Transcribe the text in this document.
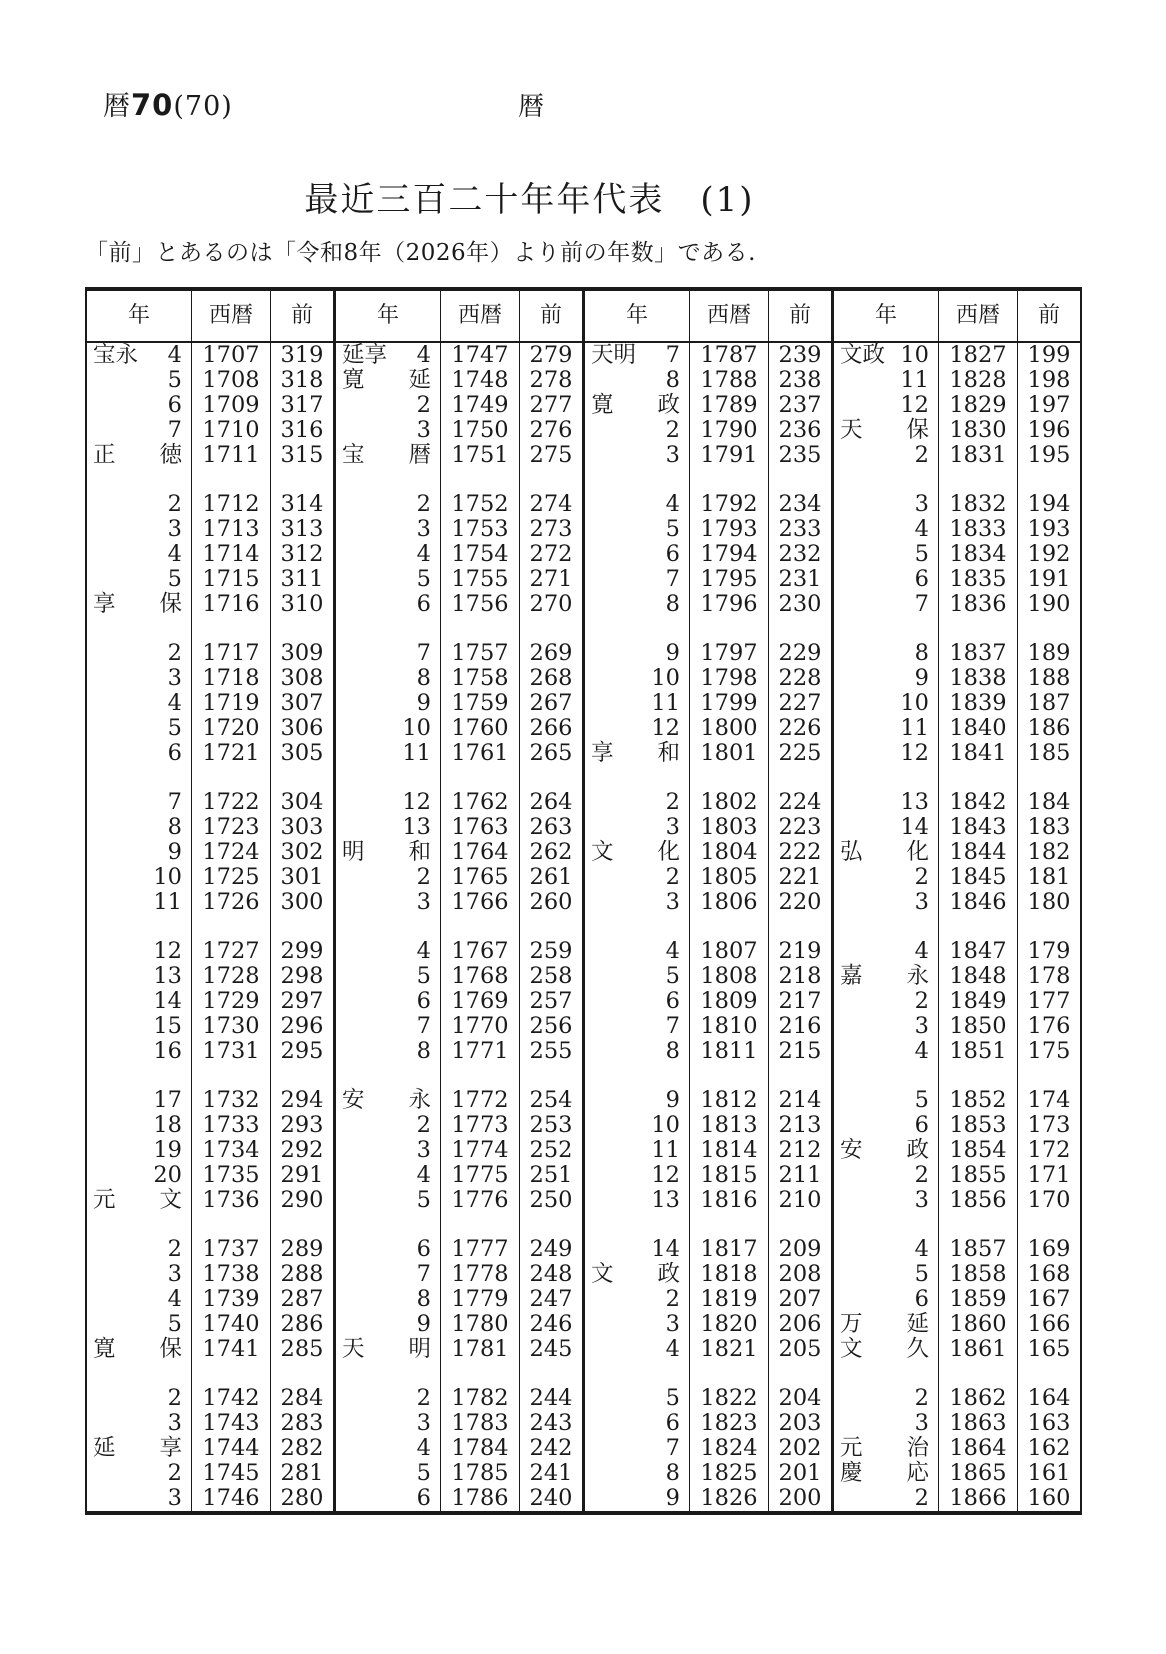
暦70(70)	暦
最近三百二十年年代表　(1)

「前」とあるのは「令和8年（2026年）より前の年数」である.

年	西暦	前
宝永 4 1707 319
5 1708 318
6 1709 317
7 1710 316
正 徳 1711 315
2 1712 314
3 1713 313
4 1714 312
5 1715 311
享 保 1716 310
2 1717 309
3 1718 308
4 1719 307
5 1720 306
6 1721 305
7 1722 304
8 1723 303
9 1724 302
10 1725 301
11 1726 300
12 1727 299
13 1728 298
14 1729 297
15 1730 296
16 1731 295
17 1732 294
18 1733 293
19 1734 292
20 1735 291
元 文 1736 290
2 1737 289
3 1738 288
4 1739 287
5 1740 286
寛 保 1741 285
2 1742 284
3 1743 283
延 享 1744 282
2 1745 281
3 1746 280
年	西暦	前
延享 4 1747 279
寛 延 1748 278
2 1749 277
3 1750 276
宝 暦 1751 275
2 1752 274
3 1753 273
4 1754 272
5 1755 271
6 1756 270
7 1757 269
8 1758 268
9 1759 267
10 1760 266
11 1761 265
12 1762 264
13 1763 263
明 和 1764 262
2 1765 261
3 1766 260
4 1767 259
5 1768 258
6 1769 257
7 1770 256
8 1771 255
安 永 1772 254
2 1773 253
3 1774 252
4 1775 251
5 1776 250
6 1777 249
7 1778 248
8 1779 247
9 1780 246
天 明 1781 245
2 1782 244
3 1783 243
4 1784 242
5 1785 241
6 1786 240
年	西暦	前
天明 7 1787 239
8 1788 238
寛 政 1789 237
2 1790 236
3 1791 235
4 1792 234
5 1793 233
6 1794 232
7 1795 231
8 1796 230
9 1797 229
10 1798 228
11 1799 227
12 1800 226
享 和 1801 225
2 1802 224
3 1803 223
文 化 1804 222
2 1805 221
3 1806 220
4 1807 219
5 1808 218
6 1809 217
7 1810 216
8 1811 215
9 1812 214
10 1813 213
11 1814 212
12 1815 211
13 1816 210
14 1817 209
文 政 1818 208
2 1819 207
3 1820 206
4 1821 205
5 1822 204
6 1823 203
7 1824 202
8 1825 201
9 1826 200
年	西暦	前
文政 10 1827 199
11 1828 198
12 1829 197
天 保 1830 196
2 1831 195
3 1832 194
4 1833 193
5 1834 192
6 1835 191
7 1836 190
8 1837 189
9 1838 188
10 1839 187
11 1840 186
12 1841 185
13 1842 184
14 1843 183
弘 化 1844 182
2 1845 181
3 1846 180
4 1847 179
嘉 永 1848 178
2 1849 177
3 1850 176
4 1851 175
5 1852 174
6 1853 173
安 政 1854 172
2 1855 171
3 1856 170
4 1857 169
5 1858 168
6 1859 167
万 延 1860 166
文 久 1861 165
2 1862 164
3 1863 163
元 治 1864 162
慶 応 1865 161
2 1866 160
